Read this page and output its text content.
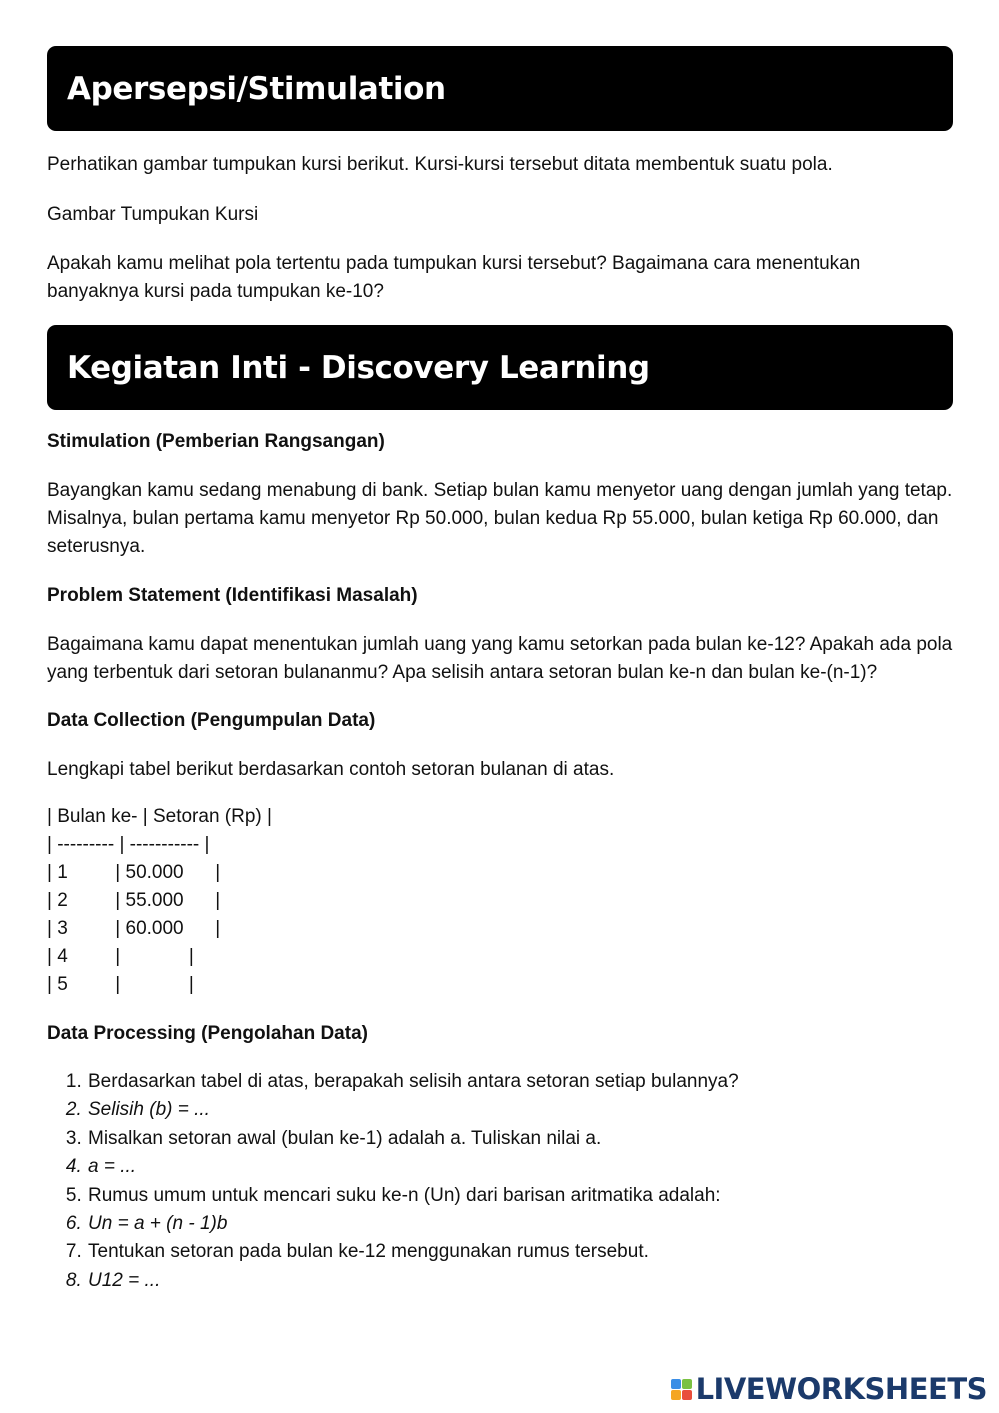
Apersepsi/Stimulation

Perhatikan gambar tumpukan kursi berikut. Kursi-kursi tersebut ditata membentuk suatu pola.

Gambar Tumpukan Kursi

Apakah kamu melihat pola tertentu pada tumpukan kursi tersebut? Bagaimana cara menentukan banyaknya kursi pada tumpukan ke-10?

Kegiatan Inti - Discovery Learning

Stimulation (Pemberian Rangsangan)

Bayangkan kamu sedang menabung di bank. Setiap bulan kamu menyetor uang dengan jumlah yang tetap. Misalnya, bulan pertama kamu menyetor Rp 50.000, bulan kedua Rp 55.000, bulan ketiga Rp 60.000, dan seterusnya.

Problem Statement (Identifikasi Masalah)

Bagaimana kamu dapat menentukan jumlah uang yang kamu setorkan pada bulan ke-12? Apakah ada pola yang terbentuk dari setoran bulananmu? Apa selisih antara setoran bulan ke-n dan bulan ke-(n-1)?

Data Collection (Pengumpulan Data)

Lengkapi tabel berikut berdasarkan contoh setoran bulanan di atas.

| Bulan ke- | Setoran (Rp) |
| --------- | ----------- |
| 1         | 50.000      |
| 2         | 55.000      |
| 3         | 60.000      |
| 4         |             |
| 5         |             |

Data Processing (Pengolahan Data)

1. Berdasarkan tabel di atas, berapakah selisih antara setoran setiap bulannya?
2. Selisih (b) = ...
3. Misalkan setoran awal (bulan ke-1) adalah a. Tuliskan nilai a.
4. a = ...
5. Rumus umum untuk mencari suku ke-n (Un) dari barisan aritmatika adalah:
6. Un = a + (n - 1)b
7. Tentukan setoran pada bulan ke-12 menggunakan rumus tersebut.
8. U12 = ...
LIVEWORKSHEETS
